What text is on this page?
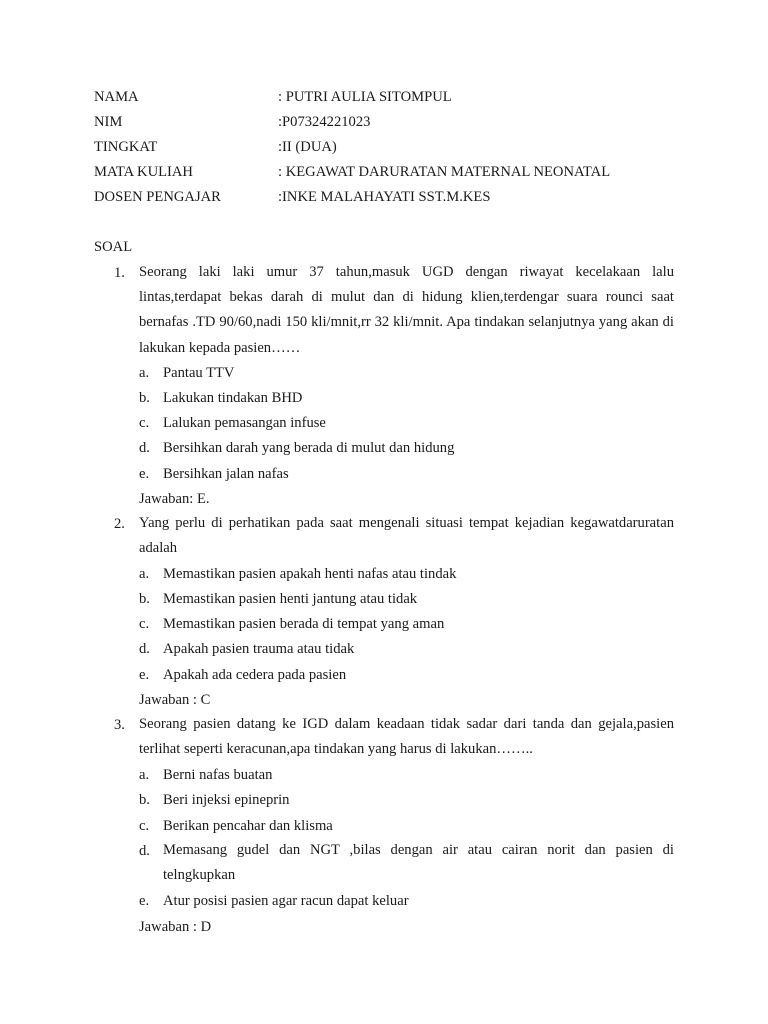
NAMA	: PUTRI AULIA SITOMPUL
NIM	:P07324221023
TINGKAT	:II (DUA)
MATA KULIAH	: KEGAWAT DARURATAN MATERNAL NEONATAL
DOSEN PENGAJAR	:INKE MALAHAYATI SST.M.KES
SOAL
1. Seorang laki laki umur 37 tahun,masuk UGD dengan riwayat kecelakaan lalu lintas,terdapat bekas darah di mulut dan di hidung klien,terdengar suara rounci saat bernafas .TD 90/60,nadi 150 kli/mnit,rr 32 kli/mnit. Apa tindakan selanjutnya yang akan di lakukan kepada pasien……
a. Pantau TTV
b. Lakukan tindakan BHD
c. Lalukan pemasangan infuse
d. Bersihkan darah yang berada di mulut dan hidung
e. Bersihkan jalan nafas
Jawaban: E.
2. Yang perlu di perhatikan pada saat mengenali situasi tempat kejadian kegawatdaruratan adalah
a. Memastikan pasien apakah henti nafas atau tindak
b. Memastikan pasien henti jantung atau tidak
c. Memastikan pasien berada di tempat yang aman
d. Apakah pasien trauma atau tidak
e. Apakah ada cedera pada pasien
Jawaban : C
3. Seorang pasien datang ke IGD dalam keadaan tidak sadar dari tanda dan gejala,pasien terlihat seperti keracunan,apa tindakan yang harus di lakukan……..
a. Berni nafas buatan
b. Beri injeksi epineprin
c. Berikan pencahar dan klisma
d. Memasang gudel dan NGT ,bilas dengan air atau cairan norit dan pasien di telngkupkan
e. Atur posisi pasien agar racun dapat keluar
Jawaban : D
